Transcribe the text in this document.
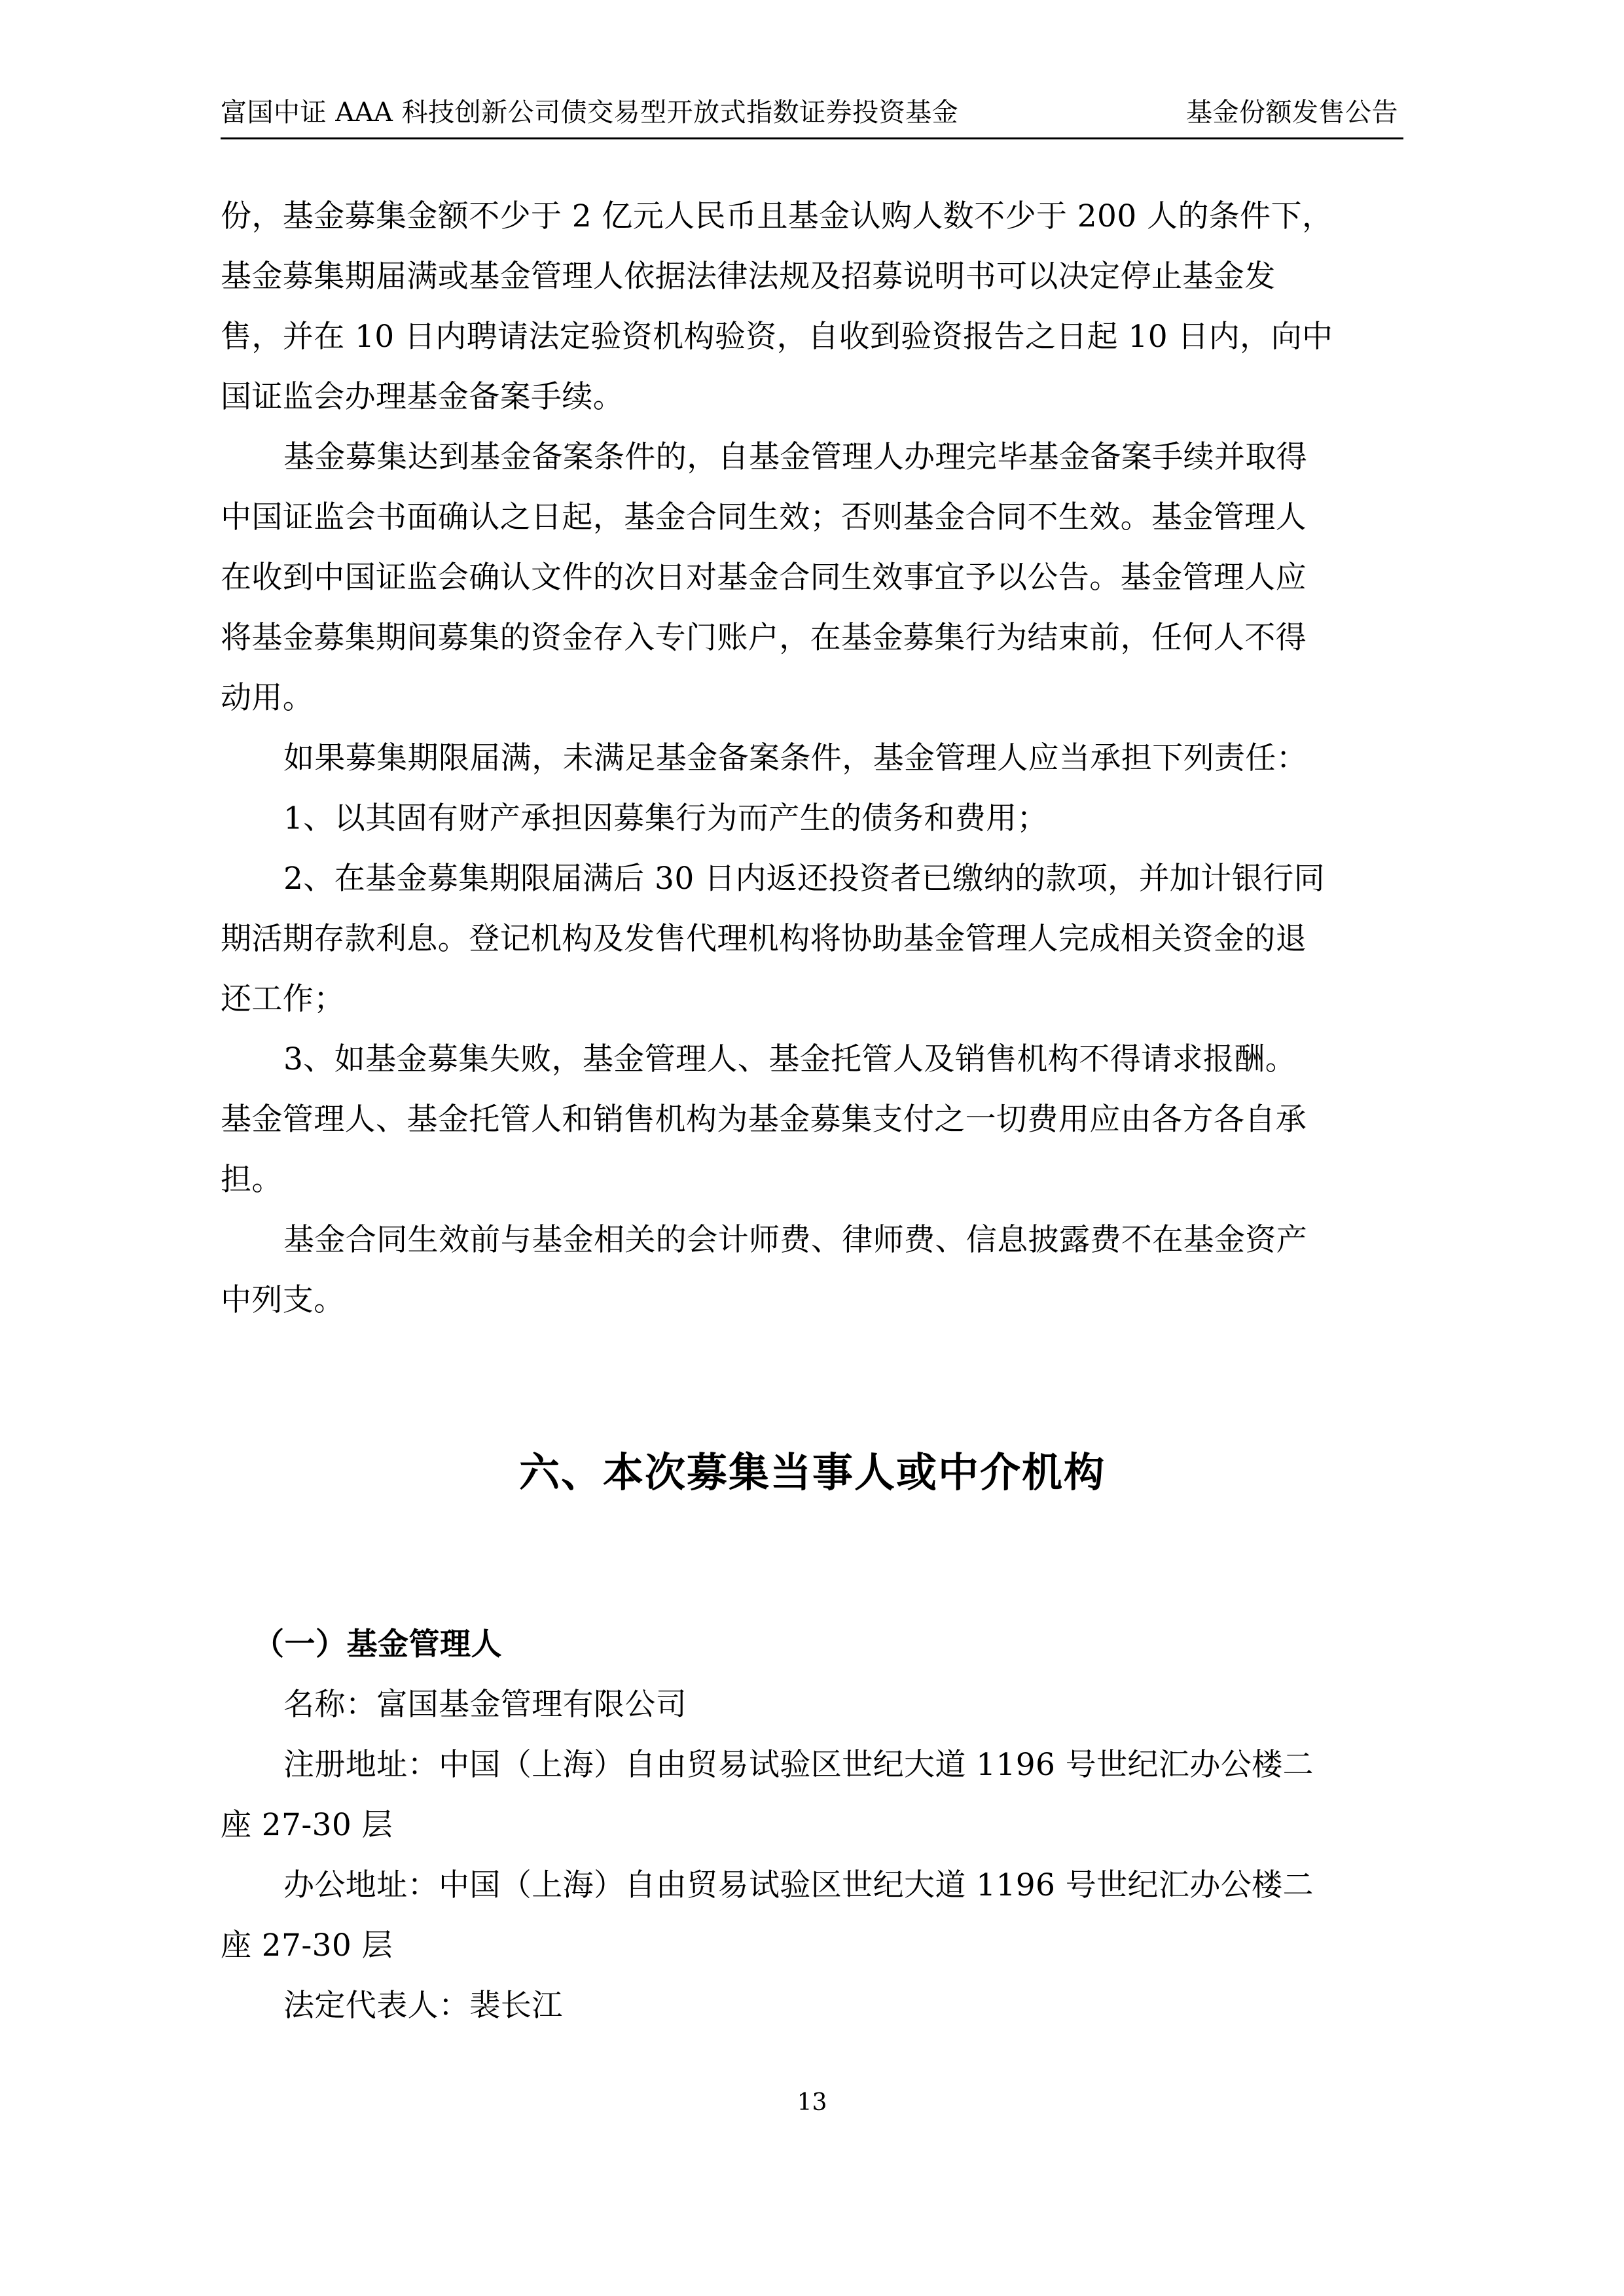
富国中证 AAA 科技创新公司债交易型开放式指数证券投资基金	基金份额发售公告
份，基金募集金额不少于 2 亿元人民币且基金认购人数不少于 200 人的条件下，
基金募集期届满或基金管理人依据法律法规及招募说明书可以决定停止基金发
售，并在 10 日内聘请法定验资机构验资，自收到验资报告之日起 10 日内，向中
国证监会办理基金备案手续。
基金募集达到基金备案条件的，自基金管理人办理完毕基金备案手续并取得
中国证监会书面确认之日起，基金合同生效；否则基金合同不生效。基金管理人
在收到中国证监会确认文件的次日对基金合同生效事宜予以公告。基金管理人应
将基金募集期间募集的资金存入专门账户，在基金募集行为结束前，任何人不得
动用。
如果募集期限届满，未满足基金备案条件，基金管理人应当承担下列责任：
1、以其固有财产承担因募集行为而产生的债务和费用；
2、在基金募集期限届满后 30 日内返还投资者已缴纳的款项，并加计银行同
期活期存款利息。登记机构及发售代理机构将协助基金管理人完成相关资金的退
还工作；
3、如基金募集失败，基金管理人、基金托管人及销售机构不得请求报酬。
基金管理人、基金托管人和销售机构为基金募集支付之一切费用应由各方各自承
担。
基金合同生效前与基金相关的会计师费、律师费、信息披露费不在基金资产
中列支。
六、本次募集当事人或中介机构
（一）基金管理人
名称：富国基金管理有限公司
注册地址：中国（上海）自由贸易试验区世纪大道 1196 号世纪汇办公楼二
座 27-30 层
办公地址：中国（上海）自由贸易试验区世纪大道 1196 号世纪汇办公楼二
座 27-30 层
法定代表人：裴长江
13
